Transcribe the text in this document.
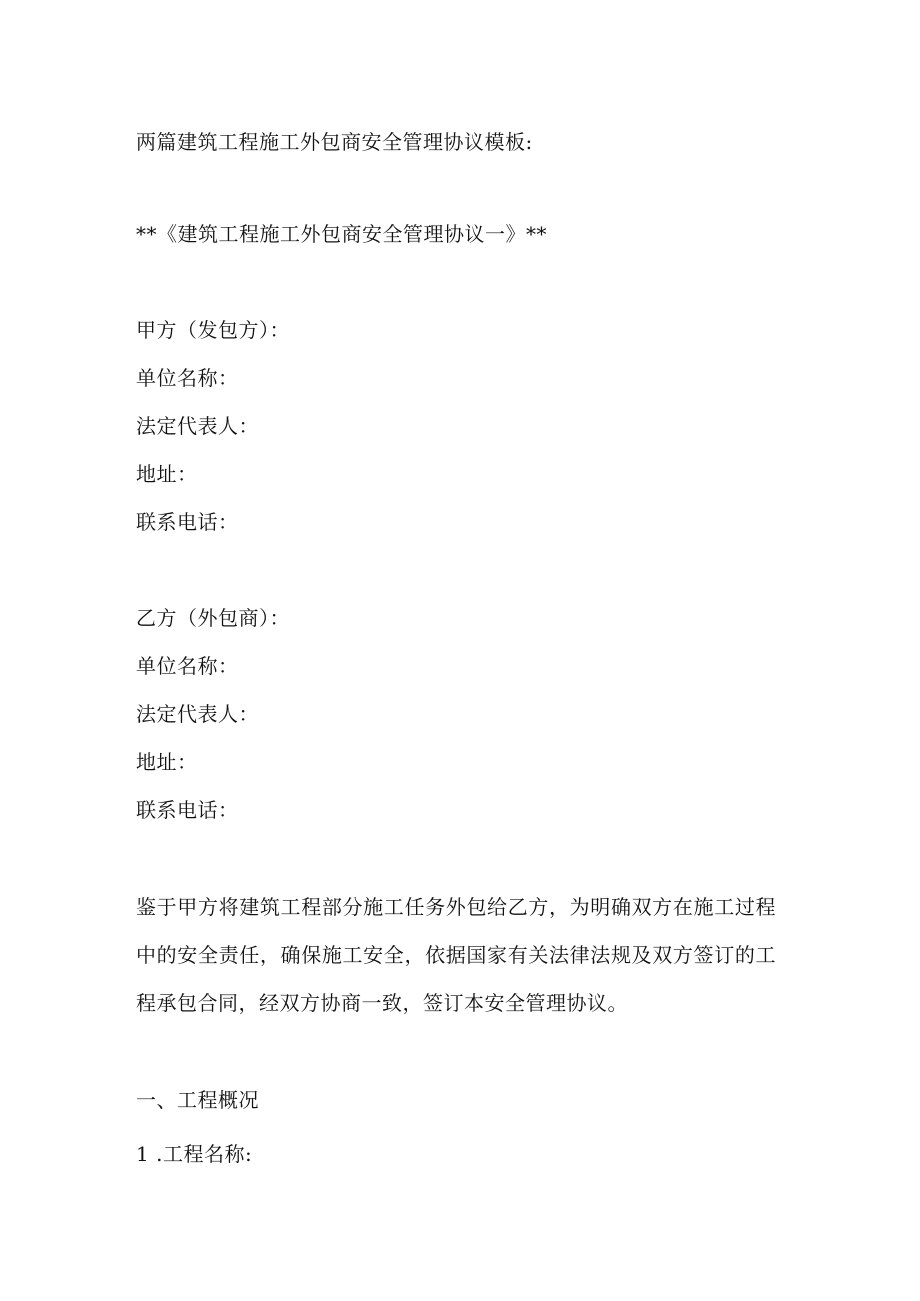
两篇建筑工程施工外包商安全管理协议模板:
**《建筑工程施工外包商安全管理协议一》**
甲方（发包方）：
单位名称：
法定代表人：
地址：
联系电话：
乙方（外包商）：
单位名称：
法定代表人：
地址：
联系电话：
鉴于甲方将建筑工程部分施工任务外包给乙方，为明确双方在施工过程中的安全责任，确保施工安全，依据国家有关法律法规及双方签订的工程承包合同，经双方协商一致，签订本安全管理协议。
一、工程概况
1 .工程名称:
